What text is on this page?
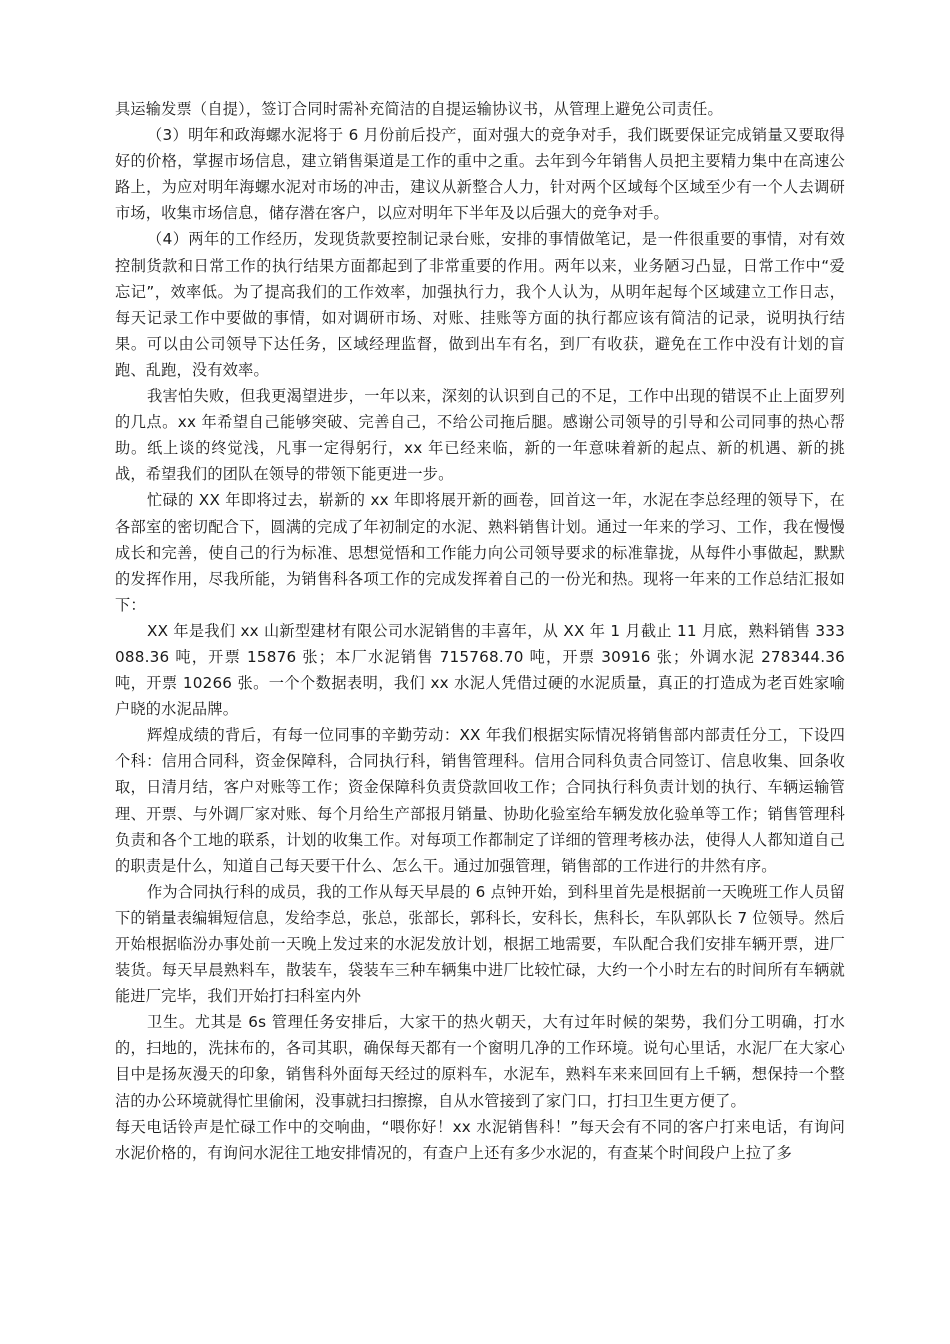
具运输发票（自提），签订合同时需补充简洁的自提运输协议书，从管理上避免公司责任。

（3）明年和政海螺水泥将于 6 月份前后投产，面对强大的竞争对手，我们既要保证完成销量又要取得好的价格，掌握市场信息，建立销售渠道是工作的重中之重。去年到今年销售人员把主要精力集中在高速公路上，为应对明年海螺水泥对市场的冲击，建议从新整合人力，针对两个区域每个区域至少有一个人去调研市场，收集市场信息，储存潜在客户，以应对明年下半年及以后强大的竞争对手。

（4）两年的工作经历，发现货款要控制记录台账，安排的事情做笔记，是一件很重要的事情，对有效控制货款和日常工作的执行结果方面都起到了非常重要的作用。两年以来，业务陋习凸显，日常工作中“爱忘记”，效率低。为了提高我们的工作效率，加强执行力，我个人认为，从明年起每个区域建立工作日志，每天记录工作中要做的事情，如对调研市场、对账、挂账等方面的执行都应该有简洁的记录，说明执行结果。可以由公司领导下达任务，区域经理监督，做到出车有名，到厂有收获，避免在工作中没有计划的盲跑、乱跑，没有效率。

我害怕失败，但我更渴望进步，一年以来，深刻的认识到自己的不足，工作中出现的错误不止上面罗列的几点。xx 年希望自己能够突破、完善自己，不给公司拖后腿。感谢公司领导的引导和公司同事的热心帮助。纸上谈的终觉浅，凡事一定得躬行，xx 年已经来临，新的一年意味着新的起点、新的机遇、新的挑战，希望我们的团队在领导的带领下能更进一步。

忙碌的 XX 年即将过去，崭新的 xx 年即将展开新的画卷，回首这一年，水泥在李总经理的领导下，在各部室的密切配合下，圆满的完成了年初制定的水泥、熟料销售计划。通过一年来的学习、工作，我在慢慢成长和完善，使自己的行为标准、思想觉悟和工作能力向公司领导要求的标准靠拢，从每件小事做起，默默的发挥作用，尽我所能，为销售科各项工作的完成发挥着自己的一份光和热。现将一年来的工作总结汇报如下：

XX 年是我们 xx 山新型建材有限公司水泥销售的丰喜年，从 XX 年 1 月截止 11 月底，熟料销售 333088.36 吨，开票 15876 张；本厂水泥销售 715768.70 吨，开票 30916 张；外调水泥 278344.36 吨，开票 10266 张。一个个数据表明，我们 xx 水泥人凭借过硬的水泥质量，真正的打造成为老百姓家喻户晓的水泥品牌。

辉煌成绩的背后，有每一位同事的辛勤劳动：XX 年我们根据实际情况将销售部内部责任分工，下设四个科：信用合同科，资金保障科，合同执行科，销售管理科。信用合同科负责合同签订、信息收集、回条收取，日清月结，客户对账等工作；资金保障科负责贷款回收工作；合同执行科负责计划的执行、车辆运输管理、开票、与外调厂家对账、每个月给生产部报月销量、协助化验室给车辆发放化验单等工作；销售管理科负责和各个工地的联系，计划的收集工作。对每项工作都制定了详细的管理考核办法，使得人人都知道自己的职责是什么，知道自己每天要干什么、怎么干。通过加强管理，销售部的工作进行的井然有序。

作为合同执行科的成员，我的工作从每天早晨的 6 点钟开始，到科里首先是根据前一天晚班工作人员留下的销量表编辑短信息，发给李总，张总，张部长，郭科长，安科长，焦科长，车队郭队长 7 位领导。然后开始根据临汾办事处前一天晚上发过来的水泥发放计划，根据工地需要，车队配合我们安排车辆开票，进厂装货。每天早晨熟料车，散装车，袋装车三种车辆集中进厂比较忙碌，大约一个小时左右的时间所有车辆就能进厂完毕，我们开始打扫科室内外

卫生。尤其是 6s 管理任务安排后，大家干的热火朝天，大有过年时候的架势，我们分工明确，打水的，扫地的，洗抹布的，各司其职，确保每天都有一个窗明几净的工作环境。说句心里话，水泥厂在大家心目中是扬灰漫天的印象，销售科外面每天经过的原料车，水泥车，熟料车来来回回有上千辆，想保持一个整洁的办公环境就得忙里偷闲，没事就扫扫擦擦，自从水管接到了家门口，打扫卫生更方便了。

每天电话铃声是忙碌工作中的交响曲，“喂你好！xx 水泥销售科！”每天会有不同的客户打来电话，有询问水泥价格的，有询问水泥往工地安排情况的，有查户上还有多少水泥的，有查某个时间段户上拉了多
